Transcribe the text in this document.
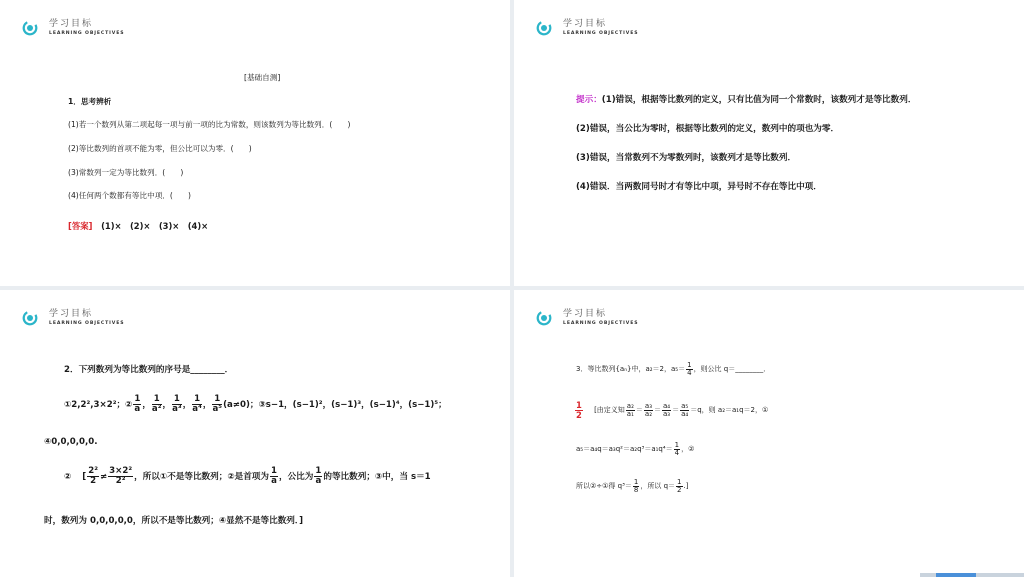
学习目标
LEARNING OBJECTIVES
[基础自测]
1．思考辨析
(1)若一个数列从第二项起每一项与前一项的比为常数，则该数列为等比数列．(　　)
(2)等比数列的首项不能为零，但公比可以为零．(　　)
(3)常数列一定为等比数列．(　　)
(4)任何两个数都有等比中项．(　　)
[答案] (1)×　(2)×　(3)×　(4)×
学习目标
LEARNING OBJECTIVES
提示：(1)错误，根据等比数列的定义，只有比值为同一个常数时，该数列才是等比数列．
(2)错误，当公比为零时，根据等比数列的定义，数列中的项也为零．
(3)错误，当常数列不为零数列时，该数列才是等比数列．
(4)错误．当两数同号时才有等比中项，异号时不存在等比中项．
学习目标
LEARNING OBJECTIVES
2．下列数列为等比数列的序号是________．
①2,2²,3×2²；② $\frac{1}{a}$ ， $\frac{1}{\text{a²}}$ ， $\frac{1}{\text{a³}}$ ， $\frac{1}{\text{a⁴}}$ ， $\frac{1}{\text{a⁵}} (a\ne 0)$；③s−1，(s−1)²，(s−1)³，(s−1)⁴，(s−1)⁵；
④0,0,0,0,0.
② [ $\frac{\text{2²}}{2} \ne \frac{\text{3×2²}}{\text{2²}}$ ，所以①不是等比数列；②是首项为 $\frac{1}{a}$ ，公比为 $\frac{1}{a}$ 的等比数列；③中，当 s＝1
时，数列为 0,0,0,0,0，所以不是等比数列；④显然不是等比数列．]
学习目标
LEARNING OBJECTIVES
3．等比数列{aₙ}中，a₂＝2，$a_5= \frac{1}{4}$ ，则公比 q＝________．
$\frac{1}{2}$ [由定义知 $\frac{\text{a₂}}{\text{a₁}} = \frac{\text{a₃}}{\text{a₂}} = \frac{\text{a₄}}{\text{a₃}} = \frac{\text{a₅}}{\text{a₄}} =q$，则 a₂＝a₁q＝2，①
$a_5=a_4q=a_3q^2=a_2q^3=a_1q^4= \frac{1}{4}$ ，②
所以②÷①得 $q^3= \frac{1}{8}$ ，所以 $q= \frac{1}{2}$ .]
